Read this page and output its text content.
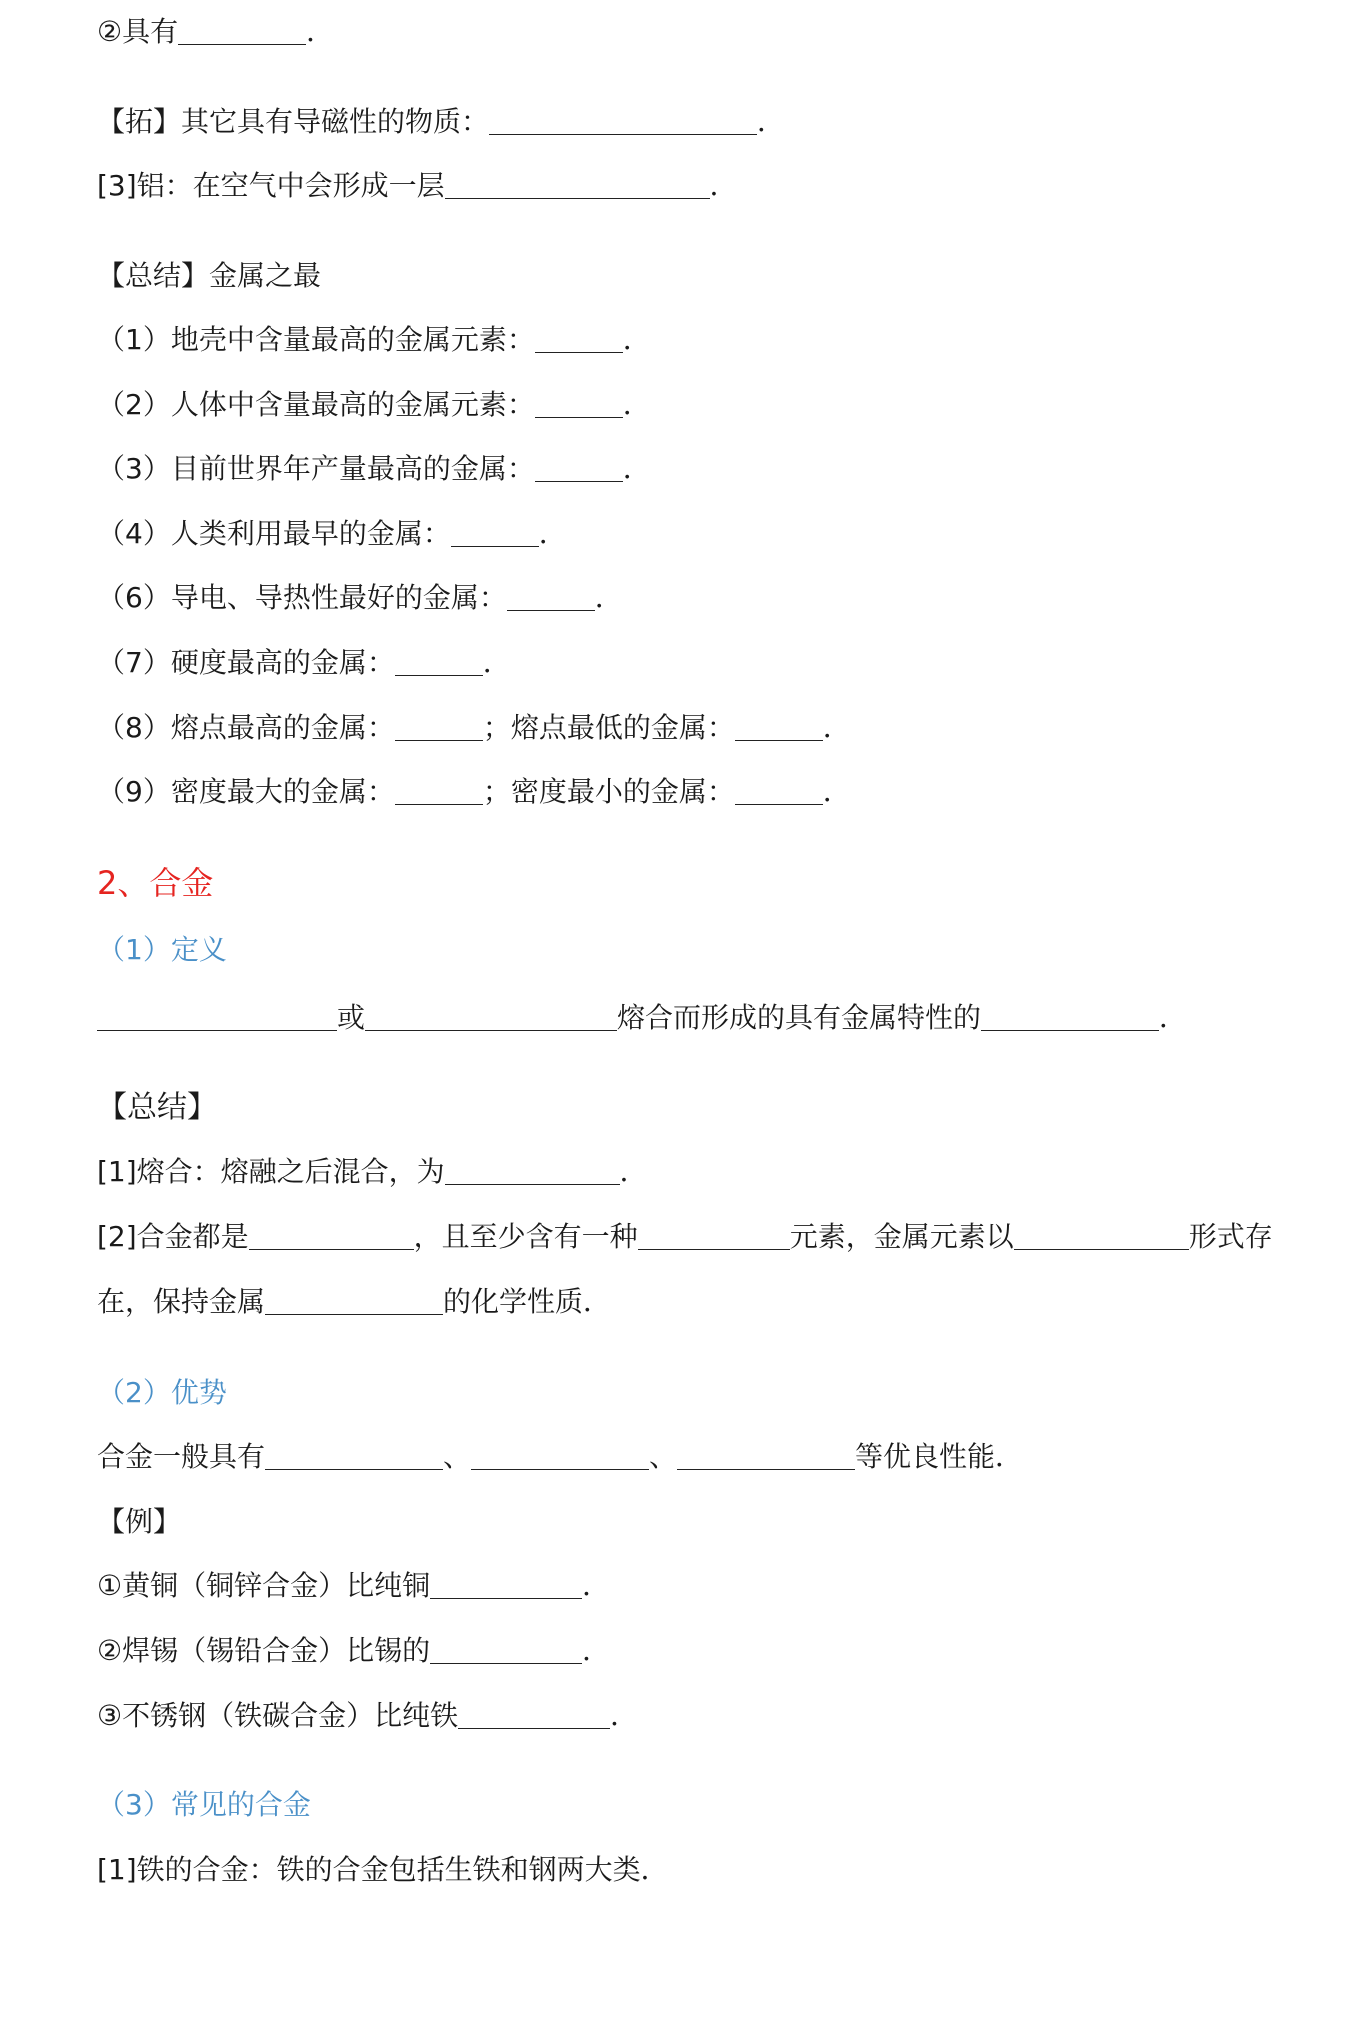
②具有	．
【拓】其它具有导磁性的物质：	．
[3]铝：在空气中会形成一层	．
【总结】金属之最
（1）地壳中含量最高的金属元素：	．
（2）人体中含量最高的金属元素：	．
（3）目前世界年产量最高的金属：	．
（4）人类利用最早的金属：	．
（6）导电、导热性最好的金属：	．
（7）硬度最高的金属：	．
（8）熔点最高的金属：	；熔点最低的金属：	．
（9）密度最大的金属：	；密度最小的金属：	．
2、合金
（1）定义
或	熔合而形成的具有金属特性的	．
【总结】
[1]熔合：熔融之后混合，为	．
[2]合金都是	，且至少含有一种	元素，金属元素以	形式存
在，保持金属	的化学性质．
（2）优势
合金一般具有	、	、	等优良性能．
【例】
①黄铜（铜锌合金）比纯铜	．
②焊锡（锡铅合金）比锡的	．
③不锈钢（铁碳合金）比纯铁	．
（3）常见的合金
[1]铁的合金：铁的合金包括生铁和钢两大类．
